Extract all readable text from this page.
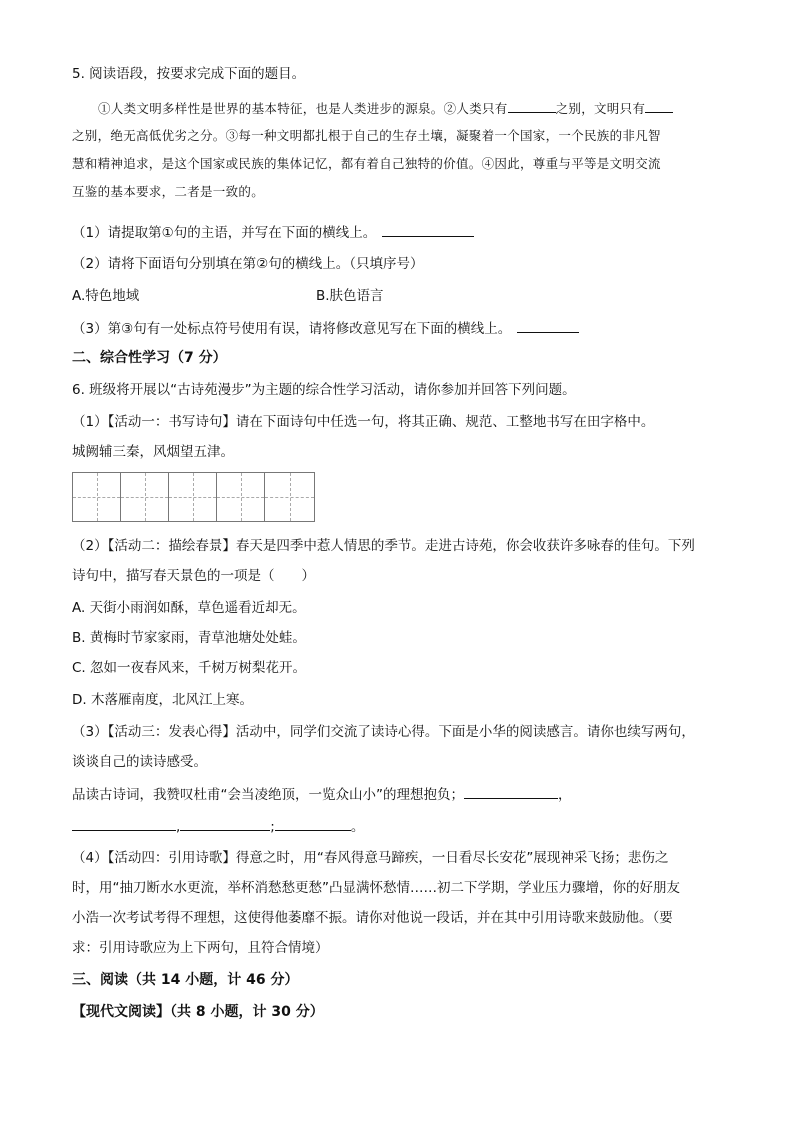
5. 阅读语段，按要求完成下面的题目。
①人类文明多样性是世界的基本特征，也是人类进步的源泉。②人类只有	之别，文明只有
之别，绝无高低优劣之分。③每一种文明都扎根于自己的生存土壤，凝聚着一个国家，一个民族的非凡智
慧和精神追求，是这个国家或民族的集体记忆，都有着自己独特的价值。④因此，尊重与平等是文明交流
互鉴的基本要求，二者是一致的。
（1）请提取第①句的主语，并写在下面的横线上。
（2）请将下面语句分别填在第②句的横线上。（只填序号）
A.特色地域	B.肤色语言
（3）第③句有一处标点符号使用有误，请将修改意见写在下面的横线上。
二、综合性学习（7 分）
6. 班级将开展以“古诗苑漫步”为主题的综合性学习活动，请你参加并回答下列问题。
（1）【活动一：书写诗句】请在下面诗句中任选一句，将其正确、规范、工整地书写在田字格中。
城阙辅三秦，风烟望五津。
（2）【活动二：描绘春景】春天是四季中惹人情思的季节。走进古诗苑，你会收获许多咏春的佳句。下列
诗句中，描写春天景色的一项是（　　）
A. 天街小雨润如酥，草色遥看近却无。
B. 黄梅时节家家雨，青草池塘处处蛙。
C. 忽如一夜春风来，千树万树梨花开。
D. 木落雁南度，北风江上寒。
（3）【活动三：发表心得】活动中，同学们交流了读诗心得。下面是小华的阅读感言。请你也续写两句，
谈谈自己的读诗感受。
品读古诗词，我赞叹杜甫“会当凌绝顶，一览众山小”的理想抱负；	，
,	;	。
（4）【活动四：引用诗歌】得意之时，用“春风得意马蹄疾，一日看尽长安花”展现神采飞扬；悲伤之
时，用“抽刀断水水更流，举杯消愁愁更愁”凸显满怀愁情……初二下学期，学业压力骤增，你的好朋友
小浩一次考试考得不理想，这使得他萎靡不振。请你对他说一段话，并在其中引用诗歌来鼓励他。（要
求：引用诗歌应为上下两句，且符合情境）
三、阅读（共 14 小题，计 46 分）
【现代文阅读】（共 8 小题，计 30 分）
